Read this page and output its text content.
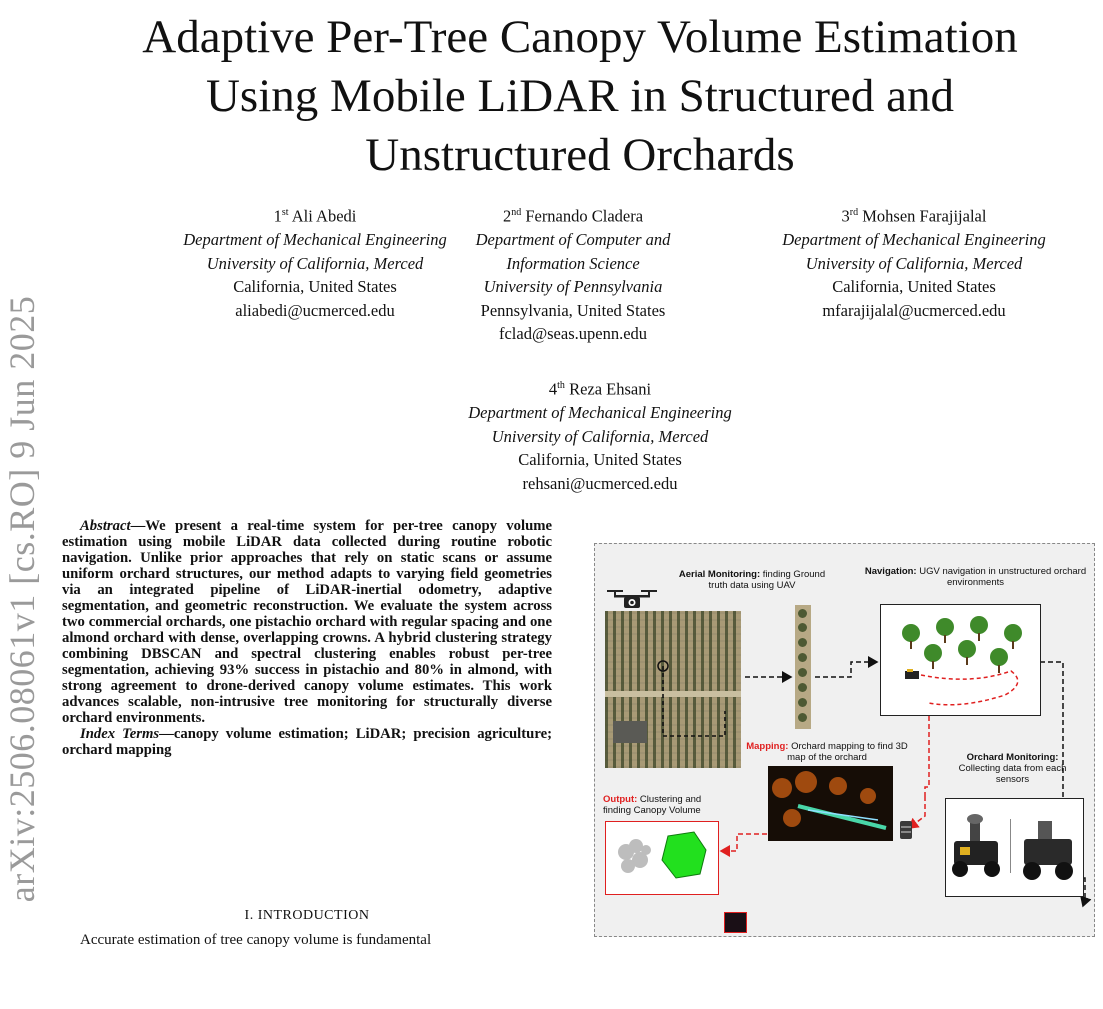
arXiv:2506.08061v1 [cs.RO] 9 Jun 2025
Adaptive Per-Tree Canopy Volume Estimation
Using Mobile LiDAR in Structured and
Unstructured Orchards
1st Ali Abedi
Department of Mechanical Engineering
University of California, Merced
California, United States
aliabedi@ucmerced.edu
2nd Fernando Cladera
Department of Computer and
Information Science
University of Pennsylvania
Pennsylvania, United States
fclad@seas.upenn.edu
3rd Mohsen Farajijalal
Department of Mechanical Engineering
University of California, Merced
California, United States
mfarajijalal@ucmerced.edu
4th Reza Ehsani
Department of Mechanical Engineering
University of California, Merced
California, United States
rehsani@ucmerced.edu

Abstract—We present a real-time system for per-tree canopy volume estimation using mobile LiDAR data collected during routine robotic navigation. Unlike prior approaches that rely on static scans or assume uniform orchard structures, our method adapts to varying field geometries via an integrated pipeline of LiDAR-inertial odometry, adaptive segmentation, and geometric reconstruction. We evaluate the system across two commercial orchards, one pistachio orchard with regular spacing and one almond orchard with dense, overlapping crowns. A hybrid clustering strategy combining DBSCAN and spectral clustering enables robust per-tree segmentation, achieving 93% success in pistachio and 80% in almond, with strong agreement to drone-derived canopy volume estimates. This work advances scalable, non-intrusive tree monitoring for structurally diverse orchard environments.

Index Terms—canopy volume estimation; LiDAR; precision agriculture; orchard mapping

I. INTRODUCTION
Accurate estimation of tree canopy volume is fundamental
Aerial Monitoring: finding Ground truth data using UAV
Navigation: UGV navigation in unstructured orchard environments
Mapping: Orchard mapping to find 3D map of the orchard	Orchard Monitoring:
Collecting data from each sensors
Output: Clustering and finding Canopy Volume
